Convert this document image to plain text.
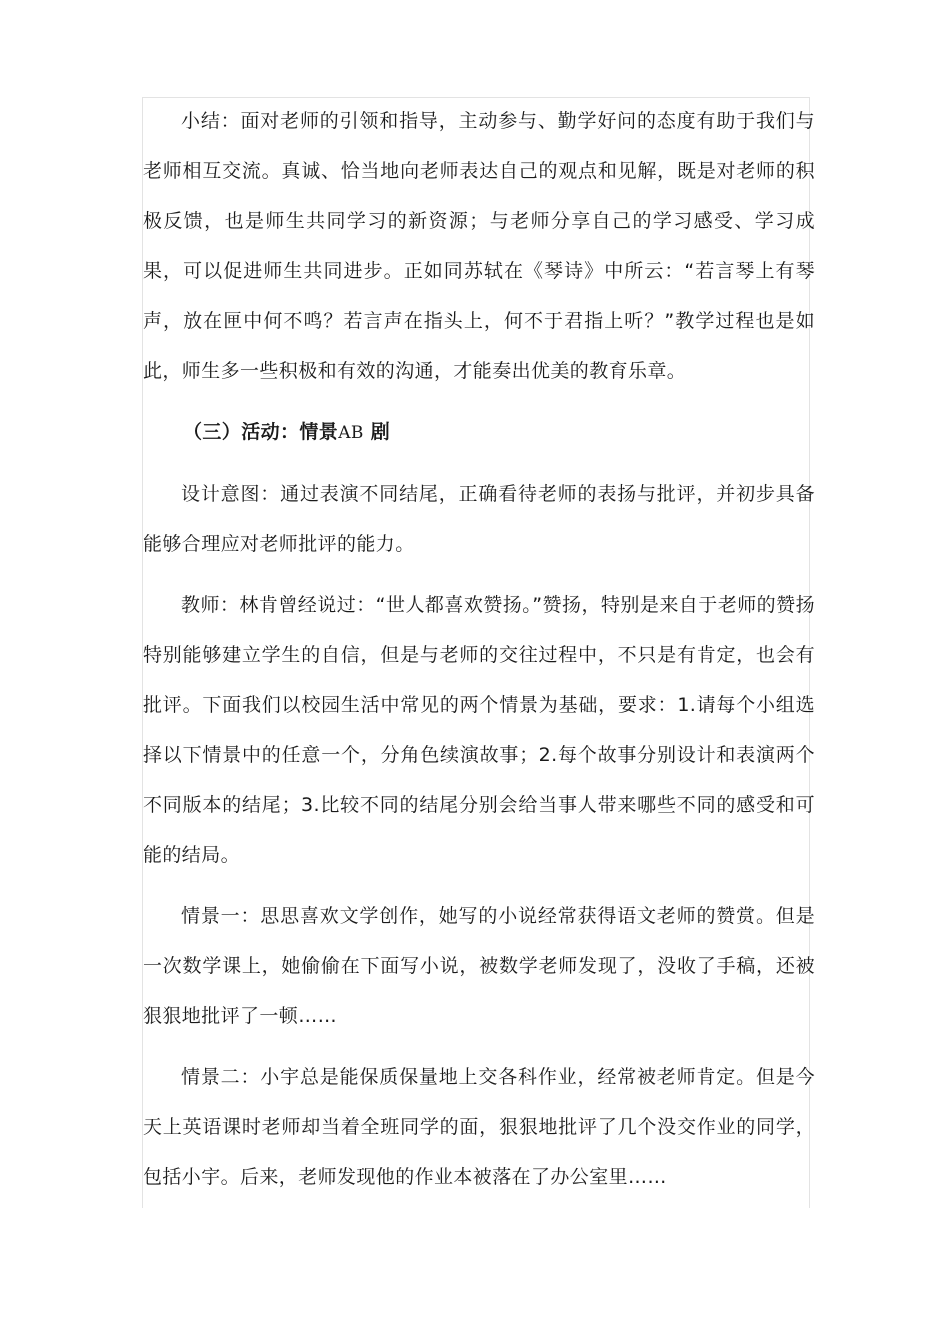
小结：面对老师的引领和指导，主动参与、勤学好问的态度有助于我们与老师相互交流。真诚、恰当地向老师表达自己的观点和见解，既是对老师的积极反馈，也是师生共同学习的新资源；与老师分享自己的学习感受、学习成果，可以促进师生共同进步。正如同苏轼在《琴诗》中所云：“若言琴上有琴声，放在匣中何不鸣？若言声在指头上，何不于君指上听？”教学过程也是如此，师生多一些积极和有效的沟通，才能奏出优美的教育乐章。

（三）活动：情景AB 剧

设计意图：通过表演不同结尾，正确看待老师的表扬与批评，并初步具备能够合理应对老师批评的能力。

教师：林肯曾经说过：“世人都喜欢赞扬。”赞扬，特别是来自于老师的赞扬特别能够建立学生的自信，但是与老师的交往过程中，不只是有肯定，也会有批评。下面我们以校园生活中常见的两个情景为基础，要求：1.请每个小组选择以下情景中的任意一个，分角色续演故事；2.每个故事分别设计和表演两个不同版本的结尾；3.比较不同的结尾分别会给当事人带来哪些不同的感受和可能的结局。

情景一：思思喜欢文学创作，她写的小说经常获得语文老师的赞赏。但是一次数学课上，她偷偷在下面写小说，被数学老师发现了，没收了手稿，还被狠狠地批评了一顿……

情景二：小宇总是能保质保量地上交各科作业，经常被老师肯定。但是今天上英语课时老师却当着全班同学的面，狠狠地批评了几个没交作业的同学，包括小宇。后来，老师发现他的作业本被落在了办公室里……
